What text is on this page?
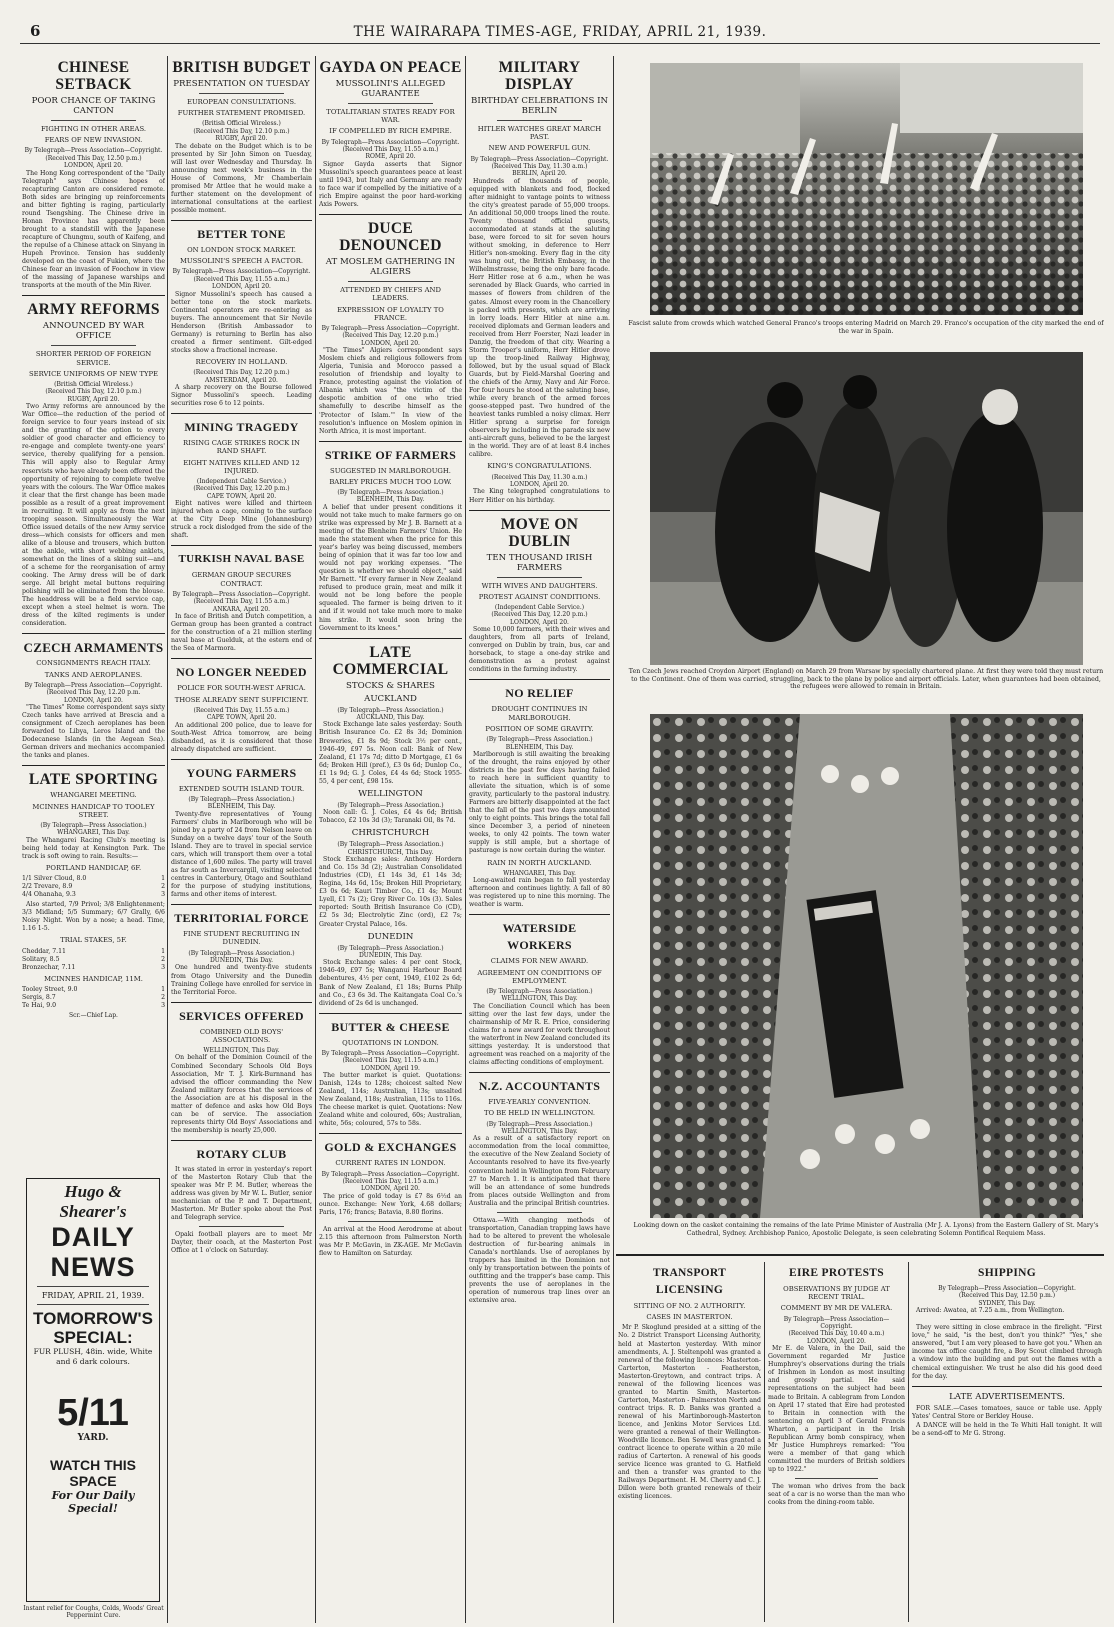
6	THE WAIRARAPA TIMES-AGE, FRIDAY, APRIL 21, 1939.
CHINESE SETBACK
POOR CHANCE OF TAKING CANTON
FIGHTING IN OTHER AREAS.
FEARS OF NEW INVASION.
By Telegraph—Press Association—Copyright.
(Received This Day, 12.50 p.m.)
LONDON, April 20.

The Hong Kong correspondent of the "Daily Telegraph" says Chinese hopes of recapturing Canton are considered remote. Both sides are bringing up reinforcements and bitter fighting is raging, particularly round Tsengshing. The Chinese drive in Honan Province has apparently been brought to a standstill with the Japanese recapture of Chungmu, south of Kaifeng, and the repulse of a Chinese attack on Sinyang in Hupeh Province. Tension has suddenly developed on the coast of Fukien, where the Chinese fear an invasion of Foochow in view of the massing of Japanese warships and transports at the mouth of the Min River.

ARMY REFORMS
ANNOUNCED BY WAR OFFICE
SHORTER PERIOD OF FOREIGN SERVICE.
SERVICE UNIFORMS OF NEW TYPE
(British Official Wireless.)
(Received This Day, 12.10 p.m.)
RUGBY, April 20.

Two Army reforms are announced by the War Office—the reduction of the period of foreign service to four years instead of six and the granting of the option to every soldier of good character and efficiency to re-engage and complete twenty-one years' service, thereby qualifying for a pension. This will apply also to Regular Army reservists who have already been offered the opportunity of rejoining to complete twelve years with the colours. The War Office makes it clear that the first change has been made possible as a result of a great improvement in recruiting. It will apply as from the next trooping season. Simultaneously the War Office issued details of the new Army service dress—which consists for officers and men alike of a blouse and trousers, which button at the ankle, with short webbing anklets, somewhat on the lines of a skiing suit—and of a scheme for the reorganisation of army cooking. The Army dress will be of dark serge. All bright metal buttons requiring polishing will be eliminated from the blouse. The headdress will be a field service cap, except when a steel helmet is worn. The dress of the kilted regiments is under consideration.

CZECH ARMAMENTS
CONSIGNMENTS REACH ITALY.
TANKS AND AEROPLANES.
By Telegraph—Press Association—Copyright.
(Received This Day, 12.20 p.m.
LONDON, April 20.

"The Times" Rome correspondent says sixty Czech tanks have arrived at Brescia and a consignment of Czech aeroplanes has been forwarded to Libya, Leros Island and the Dodecanese Islands (in the Aegean Sea). German drivers and mechanics accompanied the tanks and planes.

LATE SPORTING
WHANGAREI MEETING.
MCINNES HANDICAP TO TOOLEY STREET.
(By Telegraph—Press Association.)
WHANGAREI, This Day.

The Whangarei Racing Club's meeting is being held today at Kensington Park. The track is soft owing to rain. Results:—

PORTLAND HANDICAP, 6F.
1/1 Silver Cloud, 8.0	1
2/2 Trevare, 8.9	2
4/4 Ohanaha, 9.3	3

Also started, 7/9 Privol; 3/8 Enlightenment; 3/3 Midland; 5/5 Summary; 6/7 Grally, 6/6 Noisy Night. Won by a nose; a head. Time, 1.16 1-5.

TRIAL STAKES, 5F.
Cheddar, 7.11	1
Solitary, 8.5	2
Bronzechar, 7.11	3
MCINNES HANDICAP, 11M.
Tooley Street, 9.0	1
Sergis, 8.7	2
Te Hai, 9.0	3
Scr.—Chief Lap.
Hugo & Shearer's
DAILY NEWS
FRIDAY, APRIL 21, 1939.
TOMORROW'S SPECIAL:
FUR PLUSH, 48in. wide, White and 6 dark colours.
5/11
YARD.
WATCH THIS SPACE
For Our Daily Special!
Instant relief for Coughs, Colds, Woods' Great Peppermint Cure.
BRITISH BUDGET
PRESENTATION ON TUESDAY
EUROPEAN CONSULTATIONS.
FURTHER STATEMENT PROMISED.
(British Official Wireless.)
(Received This Day, 12.10 p.m.)
RUGBY, April 20.

The debate on the Budget which is to be presented by Sir John Simon on Tuesday, will last over Wednesday and Thursday. In announcing next week's business in the House of Commons, Mr Chamberlain promised Mr Attlee that he would make a further statement on the development of international consultations at the earliest possible moment.

BETTER TONE
ON LONDON STOCK MARKET.
MUSSOLINI'S SPEECH A FACTOR.
By Telegraph—Press Association—Copyright.
(Received This Day, 11.55 a.m.)
LONDON, April 20.

Signor Mussolini's speech has caused a better tone on the stock markets. Continental operators are re-entering as buyers. The announcement that Sir Nevile Henderson (British Ambassador to Germany) is returning to Berlin has also created a firmer sentiment. Gilt-edged stocks show a fractional increase.

RECOVERY IN HOLLAND.
(Received This Day, 12.20 p.m.)
AMSTERDAM, April 20.

A sharp recovery on the Bourse followed Signor Mussolini's speech. Leading securities rose 6 to 12 points.

MINING TRAGEDY
RISING CAGE STRIKES ROCK IN RAND SHAFT.
EIGHT NATIVES KILLED AND 12 INJURED.
(Independent Cable Service.)
(Received This Day, 12.20 p.m.)
CAPE TOWN, April 20.

Eight natives were killed and thirteen injured when a cage, coming to the surface at the City Deep Mine (Johannesburg) struck a rock dislodged from the side of the shaft.

TURKISH NAVAL BASE
GERMAN GROUP SECURES CONTRACT.
By Telegraph—Press Association—Copyright.
(Received This Day, 11.55 a.m.)
ANKARA, April 20.

In face of British and Dutch competition, a German group has been granted a contract for the construction of a 21 million sterling naval base at Guelduk, at the estern end of the Sea of Marmora.

NO LONGER NEEDED
POLICE FOR SOUTH-WEST AFRICA.
THOSE ALREADY SENT SUFFICIENT.
(Received This Day, 11.55 a.m.)
CAPE TOWN, April 20.

An additional 200 police, due to leave for South-West Africa tomorrow, are being disbanded, as it is considered that those already dispatched are sufficient.

YOUNG FARMERS
EXTENDED SOUTH ISLAND TOUR.
(By Telegraph—Press Association.)
BLENHEIM, This Day.

Twenty-five representatives of Young Farmers' clubs in Marlborough who will be joined by a party of 24 from Nelson leave on Sunday on a twelve days' tour of the South Island. They are to travel in special service cars, which will transport them over a total distance of 1,600 miles. The party will travel as far south as Invercargill, visiting selected centres in Canterbury, Otago and Southland for the purpose of studying institutions, farms and other items of interest.

TERRITORIAL FORCE
FINE STUDENT RECRUITING IN DUNEDIN.
(By Telegraph—Press Association.)
DUNEDIN, This Day.

One hundred and twenty-five students from Otago University and the Dunedin Training College have enrolled for service in the Territorial Force.

SERVICES OFFERED
COMBINED OLD BOYS' ASSOCIATIONS.
WELLINGTON, This Day.

On behalf of the Dominion Council of the Combined Secondary Schools Old Boys Association, Mr T. J. Kirk-Burnnand has advised the officer commanding the New Zealand military forces that the services of the Association are at his disposal in the matter of defence and asks how Old Boys can be of service. The association represents thirty Old Boys' Associations and the membership is nearly 25,000.

ROTARY CLUB

It was stated in error in yesterday's report of the Masterton Rotary Club that the speaker was Mr P. M. Butler, whereas the address was given by Mr W. L. Butler, senior mechanician of the P. and T. Department, Masterton. Mr Butler spoke about the Post and Telegraph service.

Opaki football players are to meet Mr Dayter, their coach, at the Masterton Post Office at 1 o'clock on Saturday.

GAYDA ON PEACE
MUSSOLINI'S ALLEGED GUARANTEE
TOTALITARIAN STATES READY FOR WAR.
IF COMPELLED BY RICH EMPIRE.
By Telegraph—Press Association—Copyright.
(Received This Day, 11.55 a.m.)
ROME, April 20.

Signor Gayda asserts that Signor Mussolini's speech guarantees peace at least until 1943, but Italy and Germany are ready to face war if compelled by the initiative of a rich Empire against the poor hard-working Axis Powers.

DUCE DENOUNCED
AT MOSLEM GATHERING IN ALGIERS
ATTENDED BY CHIEFS AND LEADERS.
EXPRESSION OF LOYALTY TO FRANCE.
By Telegraph—Press Association—Copyright.
(Received This Day, 12.20 p.m.)
LONDON, April 20.

"The Times" Algiers correspondent says Moslem chiefs and religious followers from Algeria, Tunisia and Morocco passed a resolution of friendship and loyalty to France, protesting against the violation of Albania which was "the victim of the despotic ambition of one who tried shamefully to describe himself as the 'Protector of Islam.'" In view of the resolution's influence on Moslem opinion in North Africa, it is most important.

STRIKE OF FARMERS
SUGGESTED IN MARLBOROUGH.
BARLEY PRICES MUCH TOO LOW.
(By Telegraph—Press Association.)
BLENHEIM, This Day.

A belief that under present conditions it would not take much to make farmers go on strike was expressed by Mr J. B. Barnett at a meeting of the Blenheim Farmers' Union. He made the statement when the price for this year's barley was being discussed, members being of opinion that it was far too low and would not pay working expenses. "The question is whether we should object," said Mr Barnett. "If every farmer in New Zealand refused to produce grain, meat and milk it would not be long before the people squealed. The farmer is being driven to it and if it would not take much more to make him strike. It would soon bring the Government to its knees."

LATE COMMERCIAL
STOCKS & SHARES
AUCKLAND
(By Telegraph—Press Association.)
AUCKLAND, This Day.

Stock Exchange late sales yesterday: South British Insurance Co. £2 8s 3d; Dominion Breweries, £1 8s 9d; Stock 3½ per cent., 1946-49, £97 5s. Noon call: Bank of New Zealand, £1 17s 7d; ditto D Mortgage, £1 6s 6d; Broken Hill (pref.), £3 0s 6d; Dunlop Co., £1 1s 9d; G. J. Coles, £4 4s 6d; Stock 1955-55, 4 per cent, £98 15s.

WELLINGTON
(By Telegraph—Press Association.)

Noon call: G. J. Coles, £4 4s 6d; British Tobacco, £2 10s 3d (3); Taranaki Oil, 8s 7d.

CHRISTCHURCH
(By Telegraph—Press Association.)
CHRISTCHURCH, This Day.

Stock Exchange sales: Anthony Hordern and Co. 15s 3d (2); Australian Consolidated Industries (CD), £1 14s 3d, £1 14s 3d; Regina, 14s 6d, 15s; Broken Hill Proprietary, £3 0s 6d; Kauri Timber Co., £1 4s; Mount Lyell, £1 7s (2); Grey River Co. 10s (3). Sales reported: South British Insurance Co (CD), £2 5s 3d; Electrolytic Zinc (ord), £2 7s; Greater Crystal Palace, 16s.

DUNEDIN
(By Telegraph—Press Association.)
DUNEDIN, This Day.

Stock Exchange sales: 4 per cent Stock, 1946-49, £97 5s; Wanganui Harbour Board debentures, 4½ per cent, 1949, £102 2s 6d; Bank of New Zealand, £1 18s; Burns Philp and Co., £3 6s 3d. The Kaitangata Coal Co.'s dividend of 2s 6d is unchanged.

BUTTER & CHEESE
QUOTATIONS IN LONDON.
By Telegraph—Press Association—Copyright.
(Received This Day, 11.15 a.m.)
LONDON, April 19.

The butter market is quiet. Quotations: Danish, 124s to 128s; choicest salted New Zealand, 114s; Australian, 113s; unsalted New Zealand, 118s; Australian, 115s to 116s. The cheese market is quiet. Quotations: New Zealand white and coloured, 60s; Australian, white, 56s; coloured, 57s to 58s.

GOLD & EXCHANGES
CURRENT RATES IN LONDON.
By Telegraph—Press Association—Copyright.
(Received This Day, 11.15 a.m.)
LONDON, April 20.

The price of gold today is £7 8s 6½d an ounce. Exchange: New York, 4.68 dollars; Paris, 176; francs; Batavia, 8.80 florins.

An arrival at the Hood Aerodrome at about 2.15 this afternoon from Palmerston North was Mr P. McGavin, in ZK-AGE. Mr McGavin flew to Hamilton on Saturday.

MILITARY DISPLAY
BIRTHDAY CELEBRATIONS IN BERLIN
HITLER WATCHES GREAT MARCH PAST.
NEW AND POWERFUL GUN.
By Telegraph—Press Association—Copyright.
(Received This Day, 11.30 a.m.)
BERLIN, April 20.

Hundreds of thousands of people, equipped with blankets and food, flocked after midnight to vantage points to witness the city's greatest parade of 55,000 troops. An additional 50,000 troops lined the route. Twenty thousand official guests, accommodated at stands at the saluting base, were forced to sit for seven hours without smoking, in deference to Herr Hitler's non-smoking. Every flag in the city was hung out, the British Embassy, in the Wilhelmstrasse, being the only bare facade. Herr Hitler rose at 6 a.m., when he was serenaded by Black Guards, who carried in masses of flowers from children of the gates. Almost every room in the Chancellery is packed with presents, which are arriving in lorry loads. Herr Hitler at nine a.m. received diplomats and German leaders and received from Herr Foerster, Nazi leader in Danzig, the freedom of that city. Wearing a Storm Trooper's uniform, Herr Hitler drove up the troop-lined Railway Highway, followed, but by the usual squad of Black Guards, but by Field-Marshal Goering and the chiefs of the Army, Navy and Air Force. For four hours he stood at the saluting base, while every branch of the armed forces goose-stepped past. Two hundred of the heaviest tanks rumbled a noisy climax. Herr Hitler sprang a surprise for foreign observers by including in the parade six new anti-aircraft guns, believed to be the largest in the world. They are of at least 8.4 inches calibre.

KING'S CONGRATULATIONS.
(Received This Day, 11.30 a.m.)
LONDON, April 20.

The King telegraphed congratulations to Herr Hitler on his birthday.

MOVE ON DUBLIN
TEN THOUSAND IRISH FARMERS
WITH WIVES AND DAUGHTERS.
PROTEST AGAINST CONDITIONS.
(Independent Cable Service.)
(Received This Day, 12.20 p.m.)
LONDON, April 20.

Some 10,000 farmers, with their wives and daughters, from all parts of Ireland, converged on Dublin by train, bus, car and horseback, to stage a one-day strike and demonstration as a protest against conditions in the farming industry.

NO RELIEF
DROUGHT CONTINUES IN MARLBOROUGH.
POSITION OF SOME GRAVITY.
(By Telegraph—Press Association.)
BLENHEIM, This Day.

Marlborough is still awaiting the breaking of the drought, the rains enjoyed by other districts in the past few days having failed to reach here in sufficient quantity to alleviate the situation, which is of some gravity, particularly to the pastoral industry. Farmers are bitterly disappointed at the fact that the fall of the past two days amounted only to eight points. This brings the total fall since December 3, a period of nineteen weeks, to only 42 points. The town water supply is still ample, but a shortage of pasturage is now certain during the winter.

RAIN IN NORTH AUCKLAND.
WHANGAREI, This Day.

Long-awaited rain began to fall yesterday afternoon and continues lightly. A fall of 80 was registered up to nine this morning. The weather is warm.

WATERSIDE WORKERS
CLAIMS FOR NEW AWARD.
AGREEMENT ON CONDITIONS OF EMPLOYMENT.
(By Telegraph—Press Association.)
WELLINGTON, This Day.

The Conciliation Council which has been sitting over the last few days, under the chairmanship of Mr R. E. Price, considering claims for a new award for work throughout the waterfront in New Zealand concluded its sittings yesterday. It is understood that agreement was reached on a majority of the claims affecting conditions of employment.

N.Z. ACCOUNTANTS
FIVE-YEARLY CONVENTION.
TO BE HELD IN WELLINGTON.
(By Telegraph—Press Association.)
WELLINGTON, This Day.

As a result of a satisfactory report on accommodation from the local committee, the executive of the New Zealand Society of Accountants resolved to have its five-yearly convention held in Wellington from February 27 to March 1. It is anticipated that there will be an attendance of some hundreds from places outside Wellington and from Australia and the principal British countries.

Ottawa.—With changing methods of transportation, Canadian trapping laws have had to be altered to prevent the wholesale destruction of fur-bearing animals in Canada's northlands. Use of aeroplanes by trappers has limited in the Dominion not only by transportation between the points of outfitting and the trapper's base camp. This prevents the use of aeroplanes in the operation of numerous trap lines over an extensive area.

Fascist salute from crowds which watched General Franco's troops entering Madrid on March 29. Franco's occupation of the city marked the end of the war in Spain.
Ten Czech Jews reached Croydon Airport (England) on March 29 from Warsaw by specially chartered plane. At first they were told they must return to the Continent. One of them was carried, struggling, back to the plane by police and airport officials. Later, when guarantees had been obtained, the refugees were allowed to remain in Britain.
Looking down on the casket containing the remains of the late Prime Minister of Australia (Mr J. A. Lyons) from the Eastern Gallery of St. Mary's Cathedral, Sydney. Archbishop Panico, Apostolic Delegate, is seen celebrating Solemn Pontifical Requiem Mass.
TRANSPORT LICENSING
SITTING OF NO. 2 AUTHORITY.
CASES IN MASTERTON.

Mr P. Skoglund presided at a sitting of the No. 2 District Transport Licensing Authority, held at Masterton yesterday. With minor amendments, A. J. Steltenpohl was granted a renewal of the following licences: Masterton-Carterton, Masterton - Featherston, Masterton-Greytown, and contract trips. A renewal of the following licences was granted to Martin Smith, Masterton-Carterton, Masterton - Palmerston North and contract trips. R. D. Banks was granted a renewal of his Martinborough-Masterton licence, and Jenkins Motor Services Ltd. were granted a renewal of their Wellington-Woodville licence. Ben Sewell was granted a contract licence to operate within a 20 mile radius of Carterton. A renewal of his goods service licence was granted to G. Hatfield and then a transfer was granted to the Railways Department. H. M. Cherry and C. J. Dillon were both granted renewals of their existing licences.

EIRE PROTESTS
OBSERVATIONS BY JUDGE AT RECENT TRIAL.
COMMENT BY MR DE VALERA.
By Telegraph—Press Association—Copyright.
(Received This Day, 10.40 a.m.)
LONDON, April 20.

Mr E. de Valera, in the Dail, said the Government regarded Mr Justice Humphrey's observations during the trials of Irishmen in London as most insulting and grossly partial. He said representations on the subject had been made to Britain. A cablegram from London on April 17 stated that Eire had protested to Britain in connection with the sentencing on April 3 of Gerald Francis Wharton, a participant in the Irish Republican Army bomb conspiracy, when Mr Justice Humphreys remarked: "You were a member of that gang which committed the murders of British soldiers up to 1922."

The woman who drives from the back seat of a car is no worse than the man who cooks from the dining-room table.

SHIPPING
By Telegraph—Press Association—Copyright.
(Received This Day, 12.50 p.m.)
SYDNEY, This Day.

Arrived: Awatea, at 7.25 a.m., from Wellington.

They were sitting in close embrace in the firelight. "First love," he said, "is the best, don't you think?" "Yes," she answered, "but I am very pleased to have got you." When an income tax office caught fire, a Boy Scout climbed through a window into the building and put out the flames with a chemical extinguisher. We trust he also did his good deed for the day.

LATE ADVERTISEMENTS.

FOR SALE.—Cases tomatoes, sauce or table use. Apply Yates' Central Store or Berkley House.

A DANCE will be held in the Te Whiti Hall tonight. It will be a send-off to Mr G. Strong.
